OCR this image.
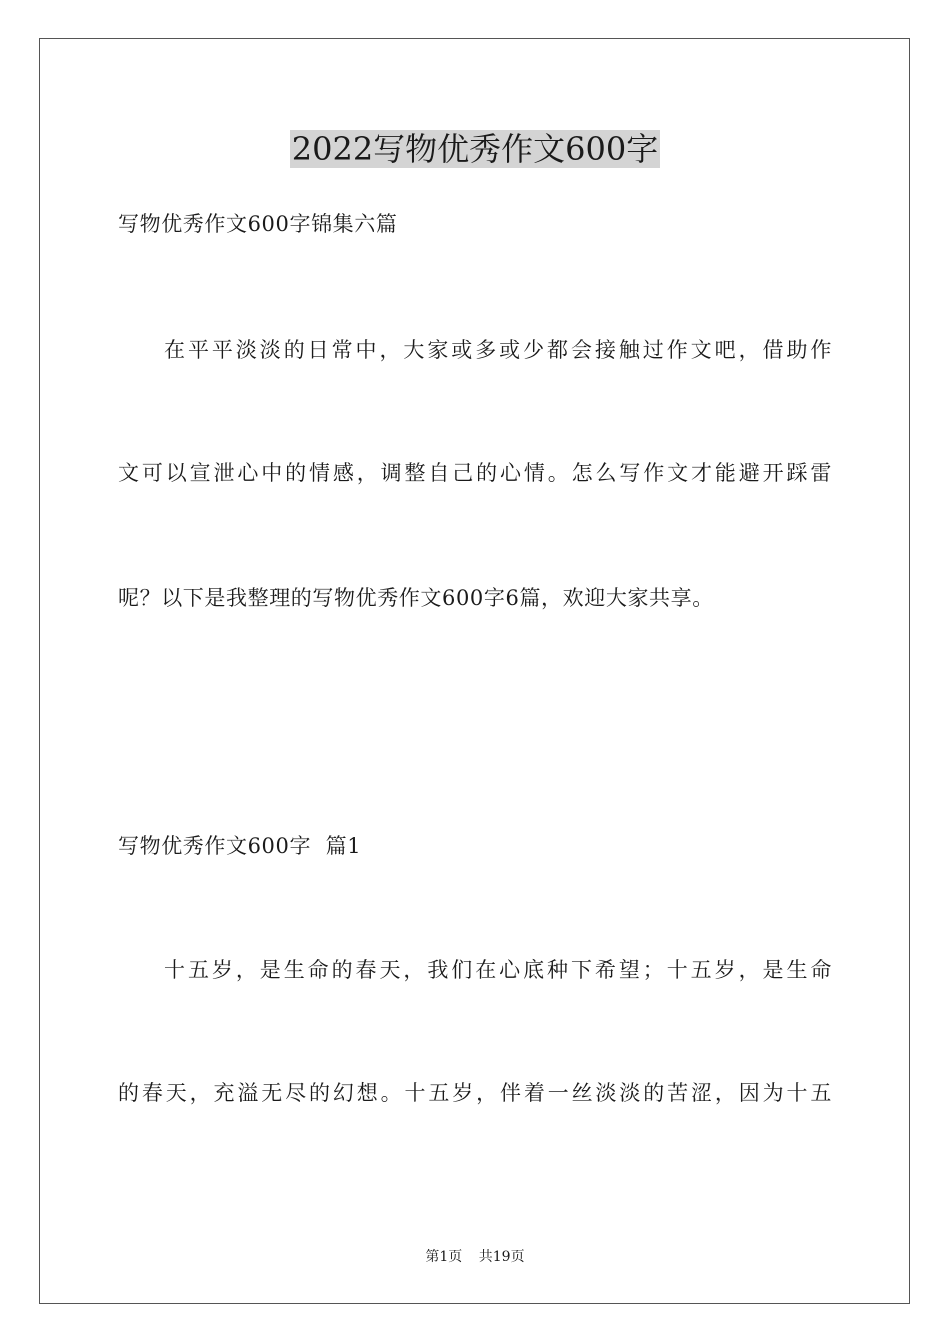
2022写物优秀作文600字
写物优秀作文600字锦集六篇
在平平淡淡的日常中，大家或多或少都会接触过作文吧，借助作
文可以宣泄心中的情感，调整自己的心情。怎么写作文才能避开踩雷
呢？以下是我整理的写物优秀作文600字6篇，欢迎大家共享。
写物优秀作文600字  篇1
十五岁，是生命的春天，我们在心底种下希望；十五岁，是生命
的春天，充溢无尽的幻想。十五岁，伴着一丝淡淡的苦涩，因为十五
第1页 共19页
